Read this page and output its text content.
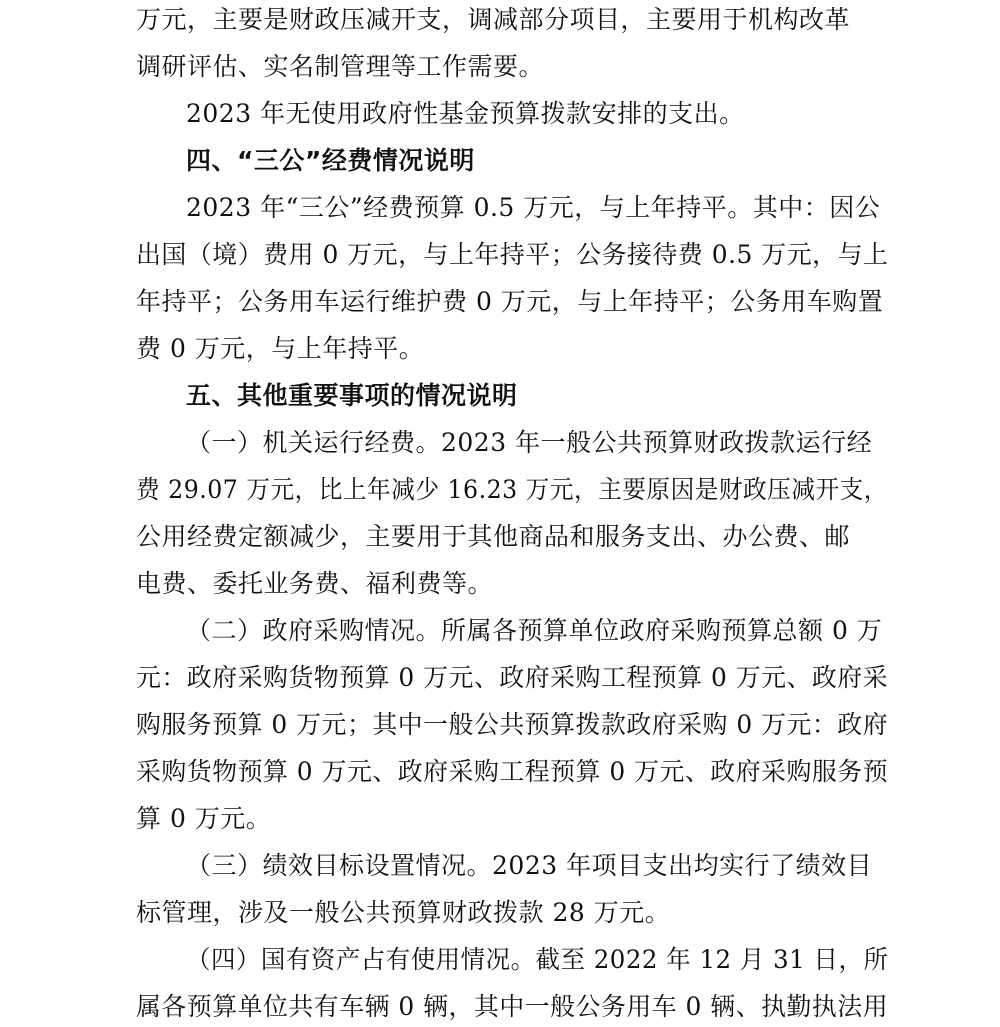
万元，主要是财政压减开支，调减部分项目，主要用于机构改革
调研评估、实名制管理等工作需要。
2023 年无使用政府性基金预算拨款安排的支出。
四、“三公”经费情况说明
2023 年“三公”经费预算 0.5 万元，与上年持平。其中：因公
出国（境）费用 0 万元，与上年持平；公务接待费 0.5 万元，与上
年持平；公务用车运行维护费 0 万元，与上年持平；公务用车购置
费 0 万元，与上年持平。
五、其他重要事项的情况说明
（一）机关运行经费。2023 年一般公共预算财政拨款运行经
费 29.07 万元，比上年减少 16.23 万元，主要原因是财政压减开支，
公用经费定额减少，主要用于其他商品和服务支出、办公费、邮
电费、委托业务费、福利费等。
（二）政府采购情况。所属各预算单位政府采购预算总额 0 万
元：政府采购货物预算 0 万元、政府采购工程预算 0 万元、政府采
购服务预算 0 万元；其中一般公共预算拨款政府采购 0 万元：政府
采购货物预算 0 万元、政府采购工程预算 0 万元、政府采购服务预
算 0 万元。
（三）绩效目标设置情况。2023 年项目支出均实行了绩效目
标管理，涉及一般公共预算财政拨款 28 万元。
（四）国有资产占有使用情况。截至 2022 年 12 月 31 日，所
属各预算单位共有车辆 0 辆，其中一般公务用车 0 辆、执勤执法用
